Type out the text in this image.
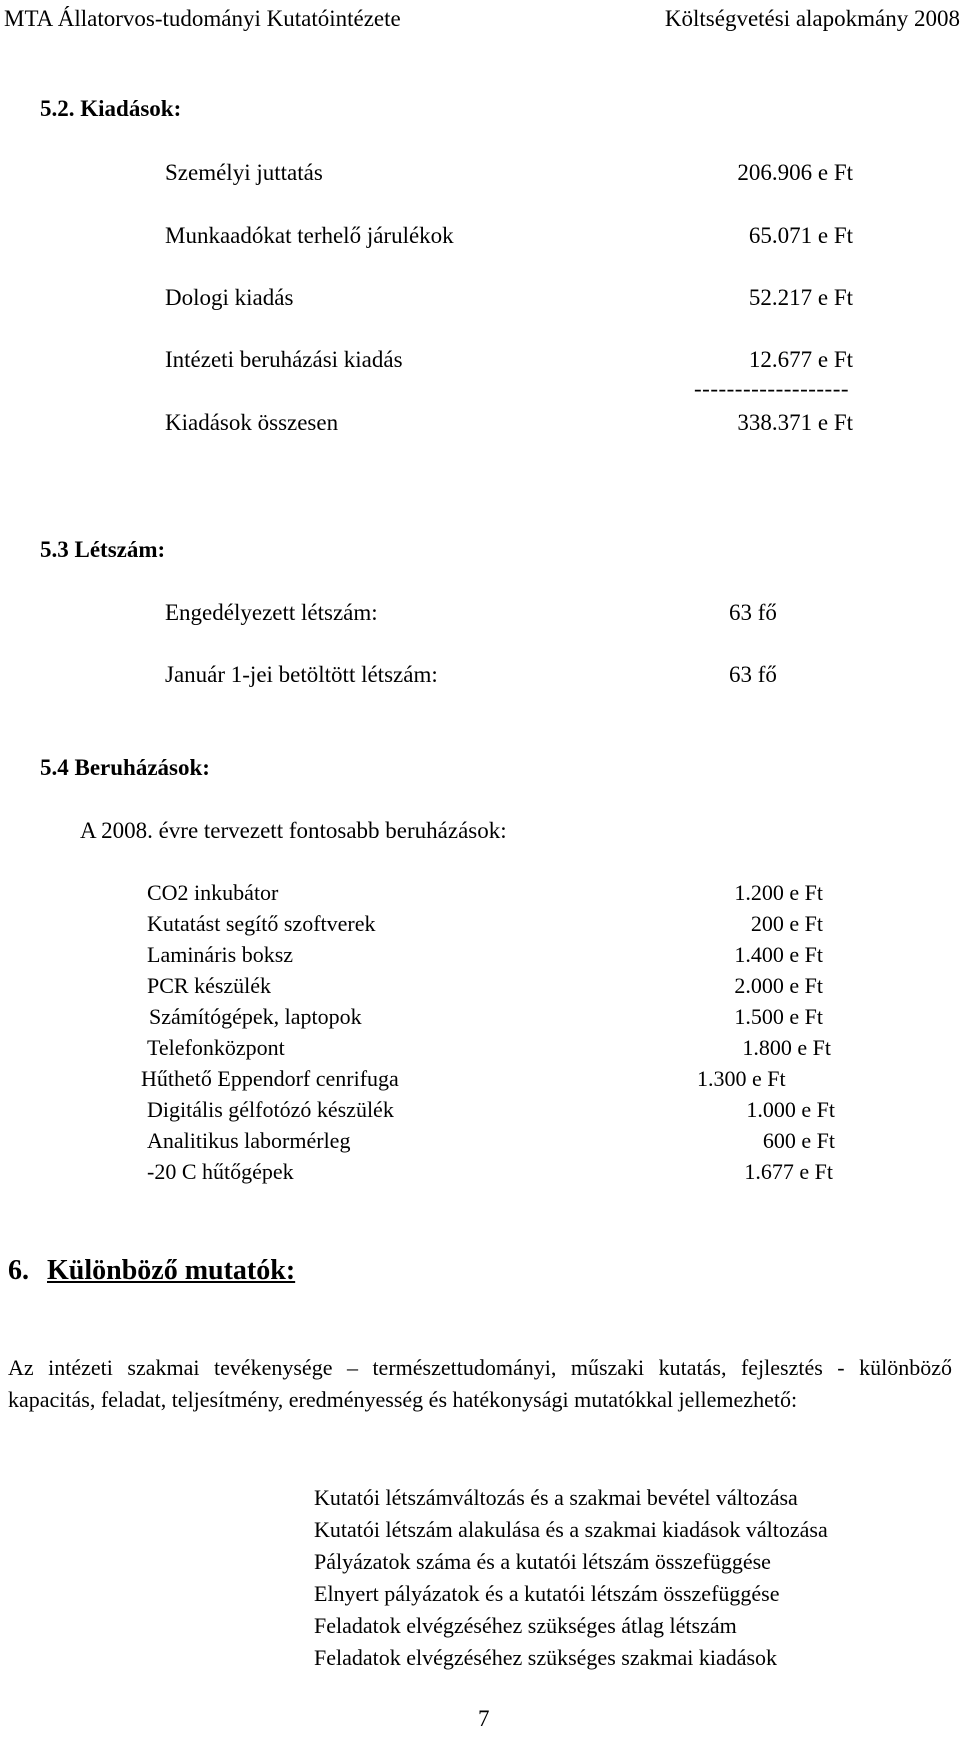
MTA Állatorvos-tudományi Kutatóintézete	Költségvetési alapokmány 2008
5.2. Kiadások:
Személyi juttatás	206.906 e Ft
Munkaadókat terhelő járulékok	65.071 e Ft
Dologi kiadás	52.217 e Ft
Intézeti beruházási kiadás	12.677 e Ft
-------------------
Kiadások összesen	338.371 e Ft
5.3 Létszám:
Engedélyezett létszám:	63 fő
Január 1-jei betöltött létszám:	63 fő
5.4 Beruházások:
A 2008. évre tervezett fontosabb beruházások:
CO2 inkubátor	1.200 e Ft
Kutatást segítő szoftverek	200 e Ft
Lamináris boksz	1.400 e Ft
PCR készülék	2.000 e Ft
Számítógépek, laptopok	1.500 e Ft
Telefonközpont	1.800 e Ft
Hűthető Eppendorf cenrifuga	1.300 e Ft
Digitális gélfotózó készülék	1.000 e Ft
Analitikus labormérleg	600 e Ft
-20 C hűtőgépek	1.677 e Ft
6. Különböző mutatók:
Az intézeti szakmai tevékenysége – természettudományi, műszaki kutatás, fejlesztés - különböző kapacitás, feladat, teljesítmény, eredményesség és hatékonysági mutatókkal jellemezhető:
Kutatói létszámváltozás és a szakmai bevétel változása
Kutatói létszám alakulása és a szakmai kiadások változása
Pályázatok száma és a kutatói létszám összefüggése
Elnyert pályázatok és a kutatói létszám összefüggése
Feladatok elvégzéséhez szükséges átlag létszám
Feladatok elvégzéséhez szükséges szakmai kiadások
7
